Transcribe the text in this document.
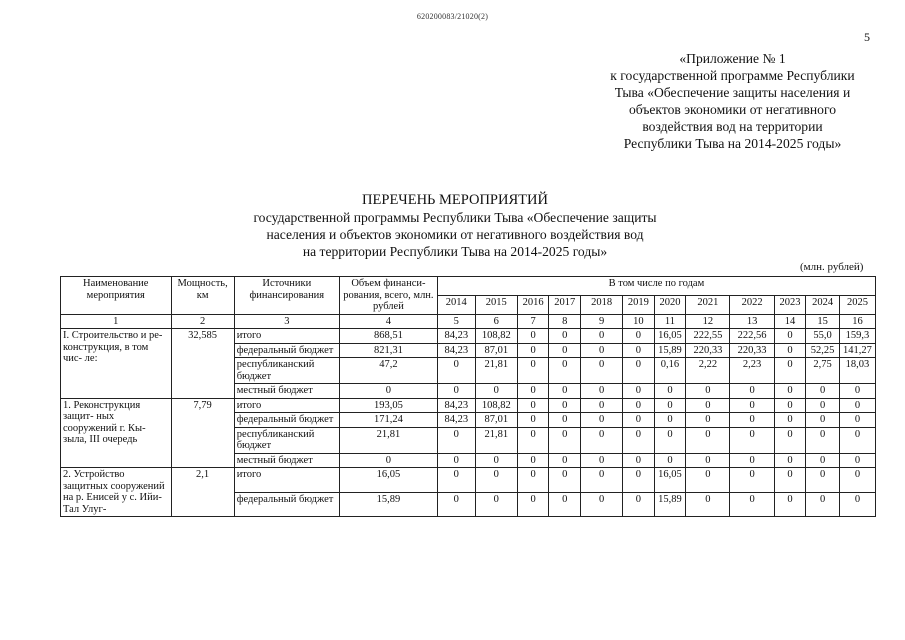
620200083/21020(2)
5
«Приложение № 1
к государственной программе Республики
Тыва «Обеспечение защиты населения и
объектов экономики от негативного
воздействия вод на территории
Республики Тыва на 2014-2025 годы»
ПЕРЕЧЕНЬ МЕРОПРИЯТИЙ
государственной программы Республики Тыва «Обеспечение защиты
населения и объектов экономики от негативного воздействия вод
на территории Республики Тыва на 2014-2025 годы»
(млн. рублей)
Наименование мероприятия	Мощность, км	Источники финансирования	Объем финанси- рования, всего, млн. рублей	В том числе по годам											
				2014	2015	2016	2017	2018	2019	2020	2021	2022	2023	2024	2025
1	2	3	4	5	6	7	8	9	10	11	12	13	14	15	16
I. Строительство и ре- конструкция, в том чис- ле:	32,585	итого	868,51	84,23	108,82	0	0	0	0	16,05	222,55	222,56	0	55,0	159,3
		федеральный бюджет	821,31	84,23	87,01	0	0	0	0	15,89	220,33	220,33	0	52,25	141,27
		республиканский бюджет	47,2	0	21,81	0	0	0	0	0,16	2,22	2,23	0	2,75	18,03
		местный бюджет	0	0	0	0	0	0	0	0	0	0	0	0	0
1. Реконструкция защит- ных сооружений г. Кы- зыла, III очередь	7,79	итого	193,05	84,23	108,82	0	0	0	0	0	0	0	0	0	0
		федеральный бюджет	171,24	84,23	87,01	0	0	0	0	0	0	0	0	0	0
		республиканский бюджет	21,81	0	21,81	0	0	0	0	0	0	0	0	0	0
		местный бюджет	0	0	0	0	0	0	0	0	0	0	0	0	0
2. Устройство защитных сооружений на р. Енисей у с. Ийи-Тал Улуг-	2,1	итого	16,05	0	0	0	0	0	0	16,05	0	0	0	0	0
		федеральный бюджет	15,89	0	0	0	0	0	0	15,89	0	0	0	0	0
